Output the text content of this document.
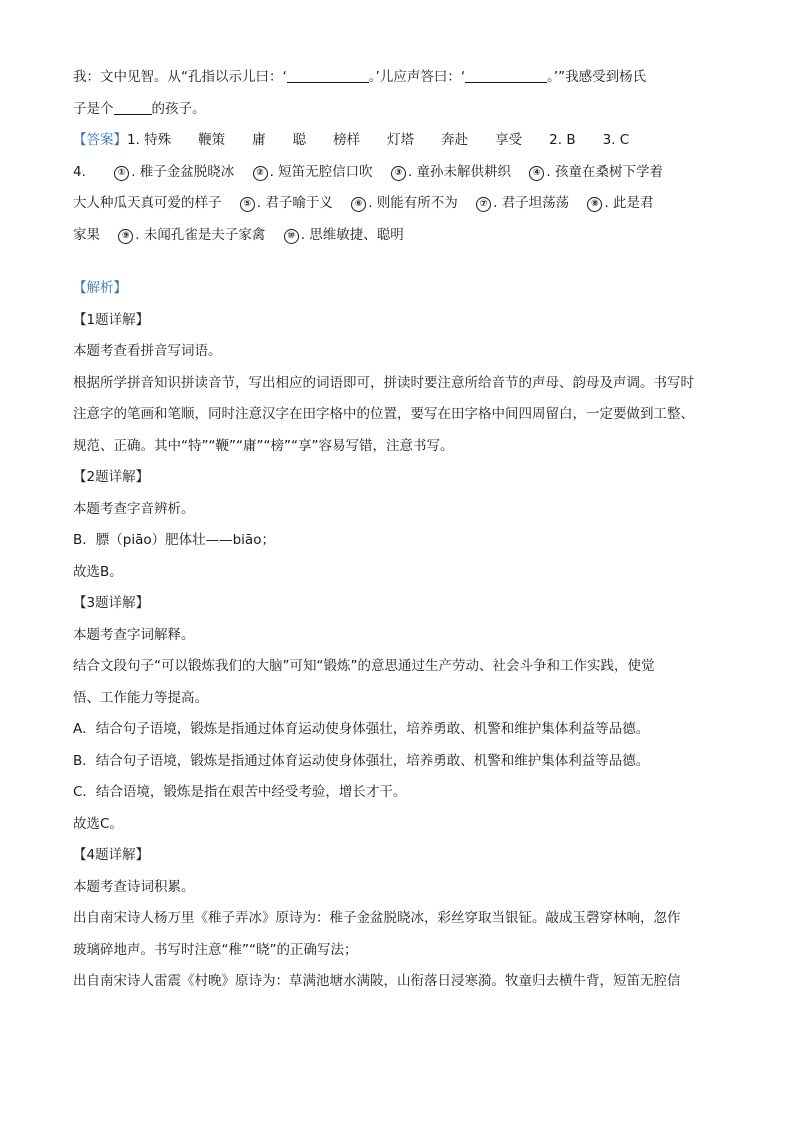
我：文中见智。从“孔指以示儿曰：‘	。’儿应声答曰：‘	。’”我感受到杨氏
子是个	的孩子。
【答案】1. 特殊　　鞭策　　庸　　聪　　榜样　　灯塔　　奔赴　　享受　　2. B　　3. C
4.	① . 稚子金盆脱晓冰 ② . 短笛无腔信口吹 ③ . 童孙未解供耕织 ④ . 孩童在桑树下学着
大人种瓜天真可爱的样子 ⑤ . 君子喻于义 ⑥ . 则能有所不为 ⑦ . 君子坦荡荡 ⑧ . 此是君
家果 ⑨ . 未闻孔雀是夫子家禽 ⑩ . 思维敏捷、聪明
【解析】
【1题详解】
本题考查看拼音写词语。
根据所学拼音知识拼读音节，写出相应的词语即可，拼读时要注意所给音节的声母、韵母及声调。书写时
注意字的笔画和笔顺，同时注意汉字在田字格中的位置，要写在田字格中间四周留白，一定要做到工整、
规范、正确。其中“特”“鞭”“庸”“榜”“享”容易写错，注意书写。
【2题详解】
本题考查字音辨析。
B．膘（piāo）肥体壮——biāo；
故选B。
【3题详解】
本题考查字词解释。
结合文段句子“可以锻炼我们的大脑”可知“锻炼”的意思通过生产劳动、社会斗争和工作实践，使觉
悟、工作能力等提高。
A．结合句子语境，锻炼是指通过体育运动使身体强壮，培养勇敢、机警和维护集体利益等品德。
B．结合句子语境，锻炼是指通过体育运动使身体强壮，培养勇敢、机警和维护集体利益等品德。
C．结合语境，锻炼是指在艰苦中经受考验，增长才干。
故选C。
【4题详解】
本题考查诗词积累。
出自南宋诗人杨万里《稚子弄冰》原诗为：稚子金盆脱晓冰，彩丝穿取当银钲。敲成玉磬穿林响，忽作
玻璃碎地声。书写时注意“稚”“晓”的正确写法；
出自南宋诗人雷震《村晚》原诗为：草满池塘水满陂，山衔落日浸寒漪。牧童归去横牛背，短笛无腔信
